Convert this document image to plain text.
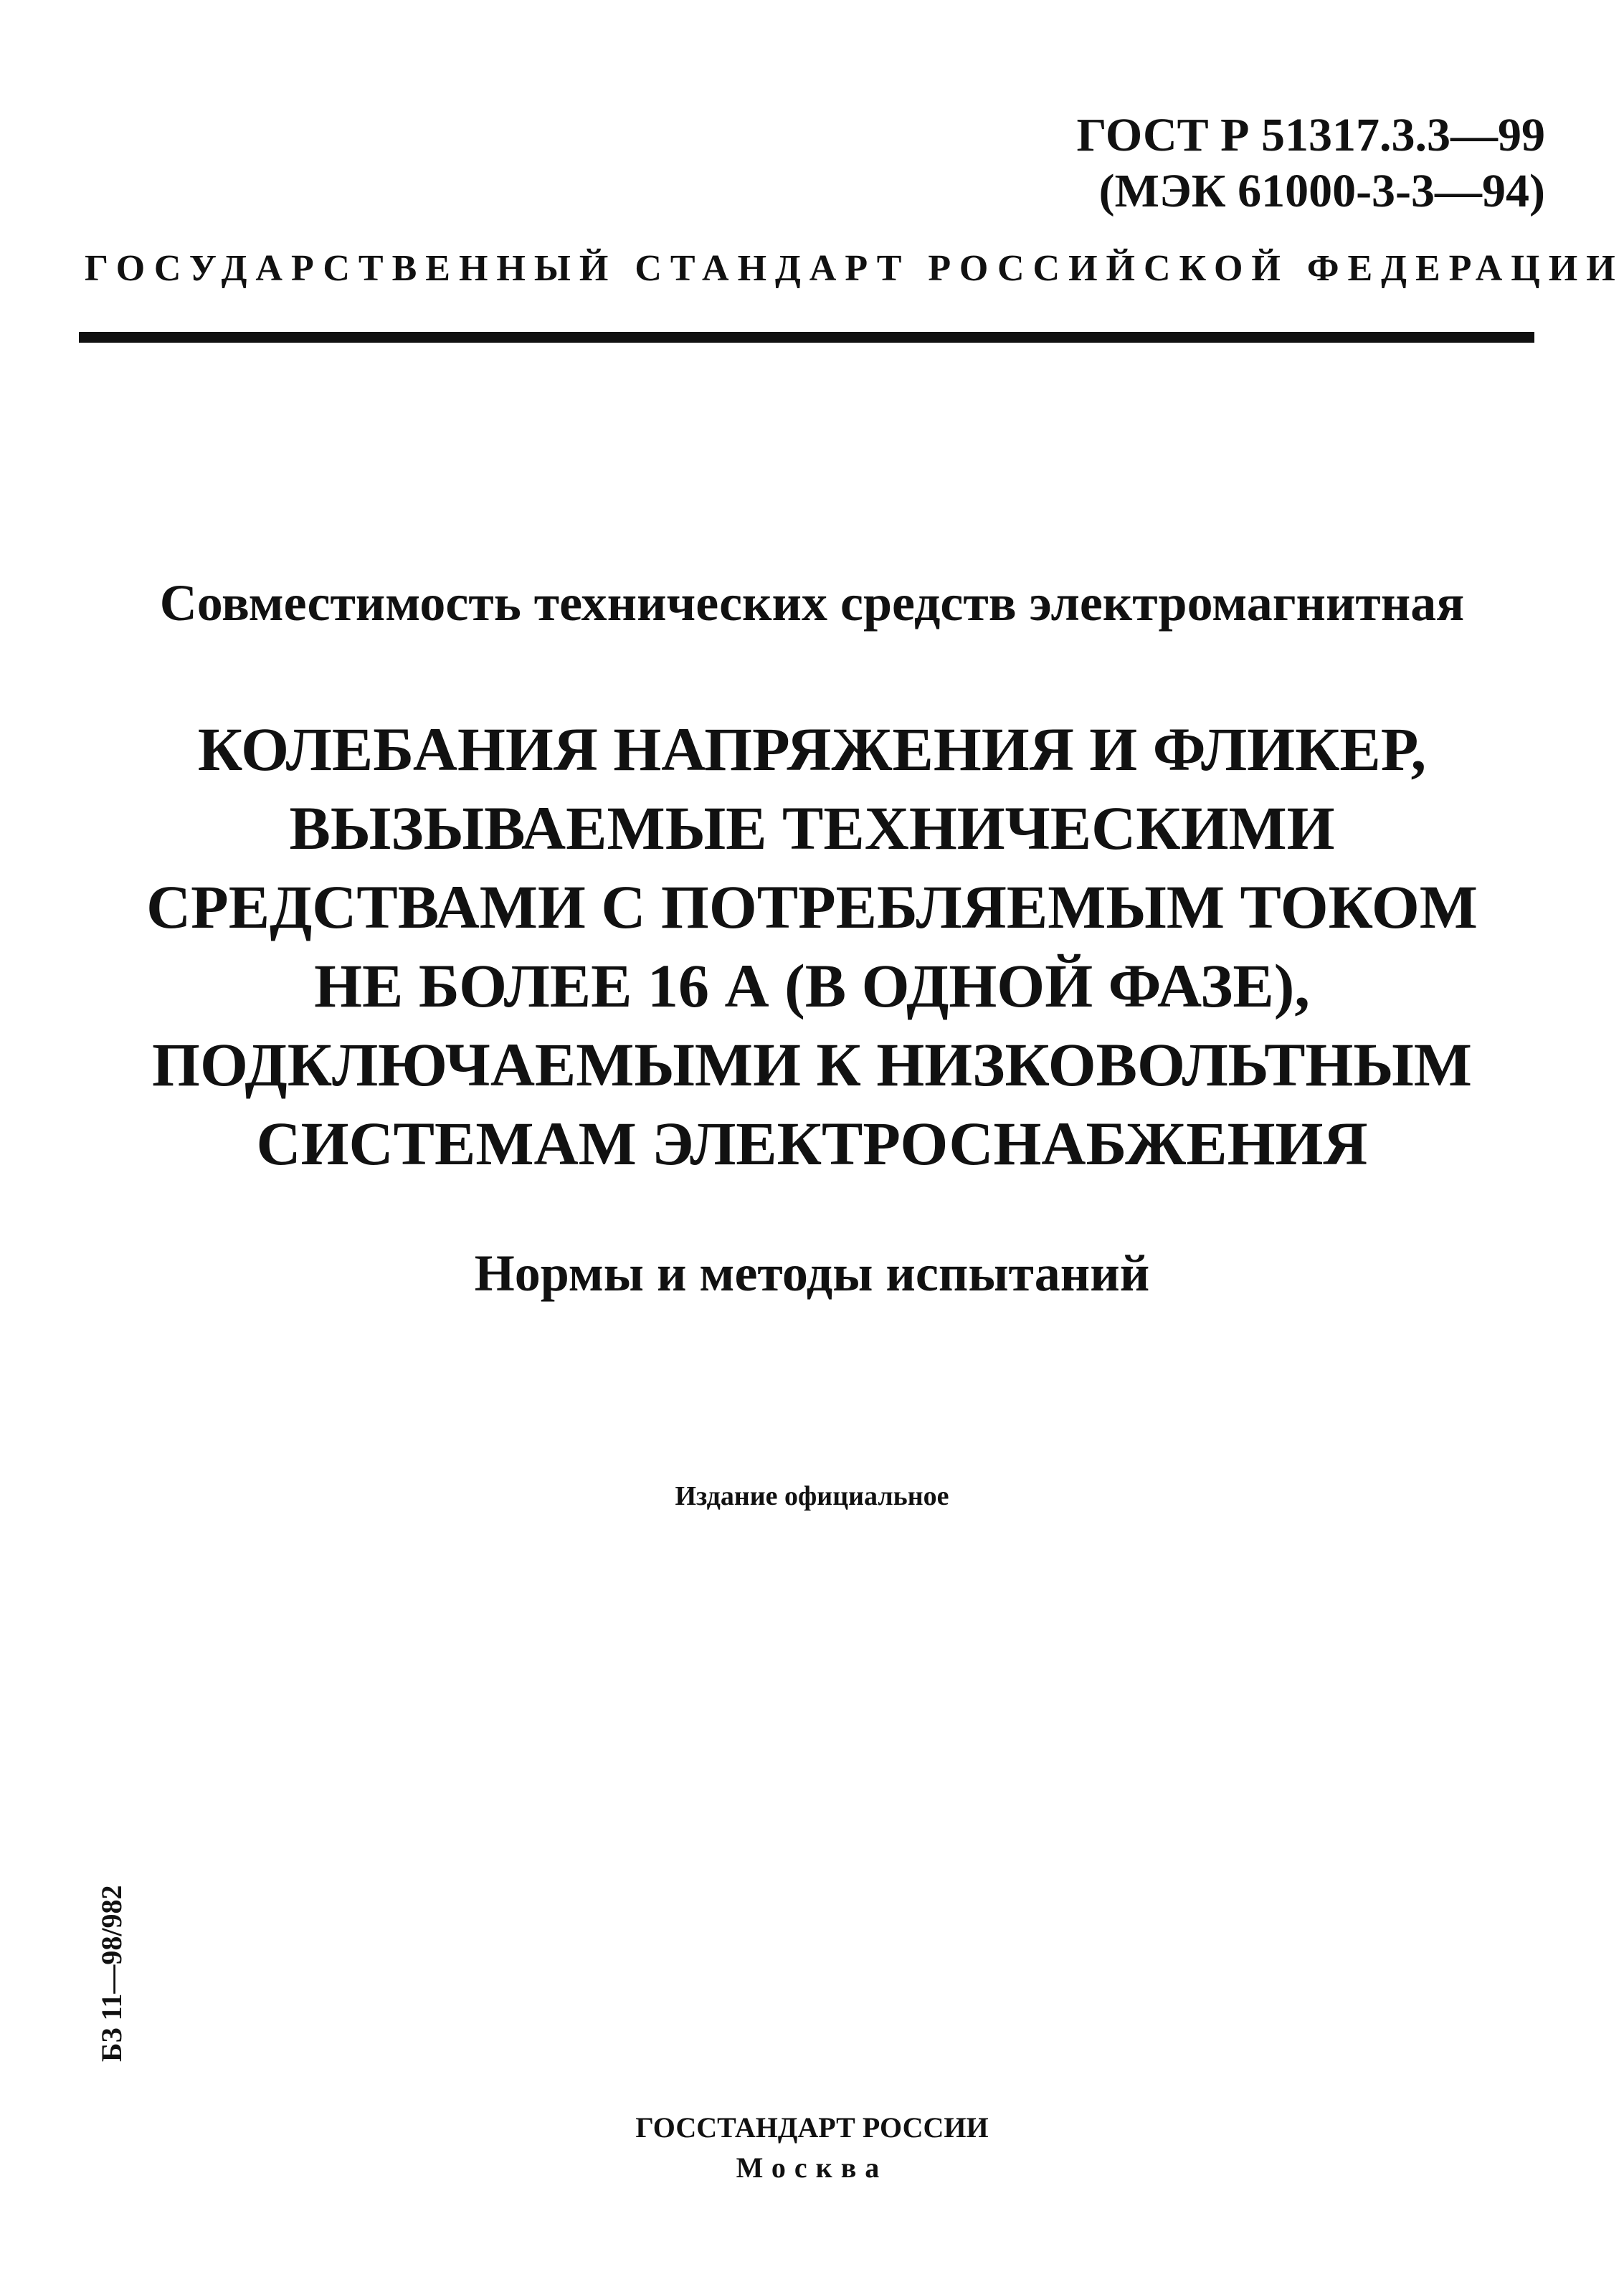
ГОСТ Р 51317.3.3—99
(МЭК 61000-3-3—94)
ГОСУДАРСТВЕННЫЙ СТАНДАРТ РОССИЙСКОЙ ФЕДЕРАЦИИ
Совместимость технических средств электромагнитная
КОЛЕБАНИЯ НАПРЯЖЕНИЯ И ФЛИКЕР,
ВЫЗЫВАЕМЫЕ ТЕХНИЧЕСКИМИ
СРЕДСТВАМИ С ПОТРЕБЛЯЕМЫМ ТОКОМ
НЕ БОЛЕЕ 16 А (В ОДНОЙ ФАЗЕ),
ПОДКЛЮЧАЕМЫМИ К НИЗКОВОЛЬТНЫМ
СИСТЕМАМ ЭЛЕКТРОСНАБЖЕНИЯ
Нормы и методы испытаний
Издание официальное
БЗ 11—98/982
ГОССТАНДАРТ РОССИИ
Москва
